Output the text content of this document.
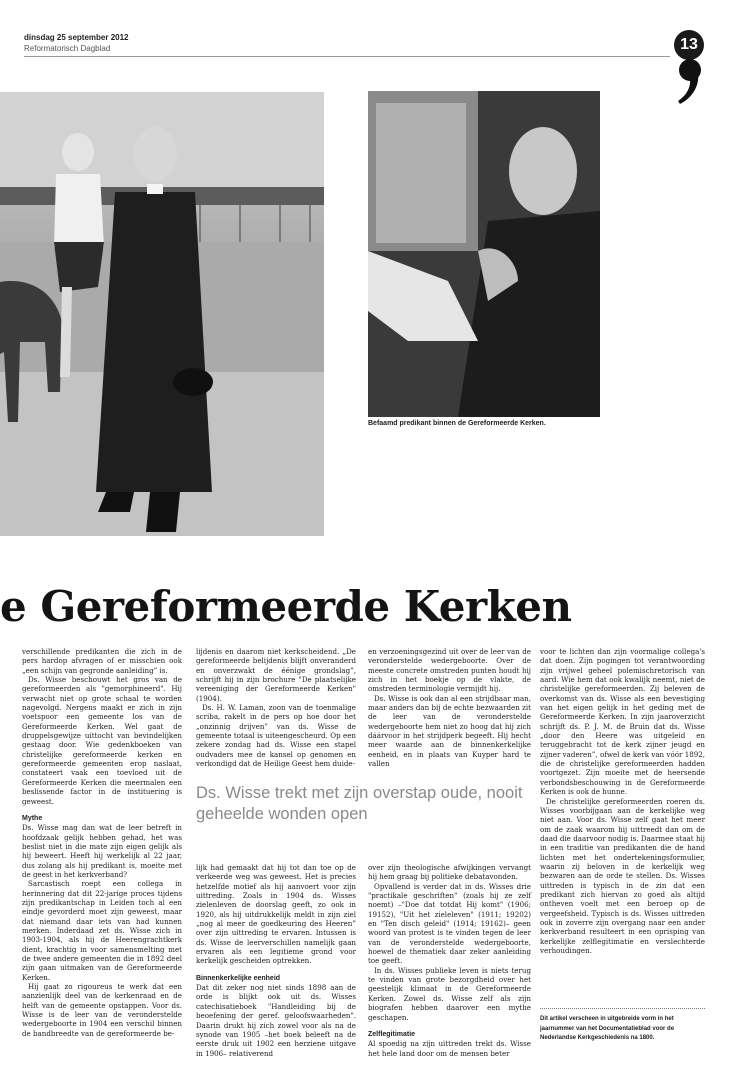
dinsdag 25 september 2012
Reformatorisch Dagblad	13
Befaamd predikant binnen de Gereformeerde Kerken.
e Gereformeerde Kerken

verschillende predikanten die zich in de pers hardop afvragen of er misschien ook „een schijn van gegronde aanleiding” is.

Ds. Wisse beschouwt het gros van de gereformeerden als "gemorphineerd". Hij verwacht niet op grote schaal te worden nagevolgd. Nergens maakt er zich in zijn voetspoor een gemeente los van de Gereformeerde Kerken. Wel gaat de druppelsgewijze uittocht van bevindelijken gestaag door. Wie gedenkboeken van christelijke gereformeerde kerken en gereformeerde gemeenten erop naslaat, constateert vaak een toevloed uit de Gereformeerde Kerken die meermalen een beslissende factor in de instituering is geweest.

Mythe

Ds. Wisse mag dan wat de leer betreft in hoofdzaak gelijk hebben gehad, het was beslist niet in die mate zijn eigen gelijk als hij beweert. Heeft hij werkelijk al 22 jaar, dus zolang als hij predikant is, moeite met de geest in het kerkverband?

Sarcastisch roept een collega in herinnering dat dit 22-jarige proces tijdens zijn predikantschap in Leiden toch al een eindje gevorderd moet zijn geweest, maar dat niemand daar iets van had kunnen merken. Inderdaad zet ds. Wisse zich in 1903-1904, als hij de Heerengrachtkerk dient, krachtig in voor samensmelting met de twee andere gemeenten die in 1892 deel zijn gaan uitmaken van de Gereformeerde Kerken.

Hij gaat zo rigoureus te werk dat een aanzienlijk deel van de kerkenraad en de helft van de gemeente opstappen. Voor ds. Wisse is de leer van de veronderstelde wedergeboorte in 1904 een verschil binnen de bandbreedte van de gereformeerde be-

lijdenis en daarom niet kerkscheidend. „De gereformeerde belijdenis blijft onveranderd en onverzwakt de éénige grondslag”, schrijft hij in zijn brochure "De plaatselijke vereeniging der Gereformeerde Kerken" (1904).

Ds. H. W. Laman, zoon van de toenmalige scriba, rakelt in de pers op hoe door het „onzinnig drijven” van ds. Wisse de gemeente totaal is uiteengescheurd. Op een zekere zondag had ds. Wisse een stapel oudvaders mee de kansel op genomen en verkondigd dat de Heilige Geest hem duide-

Ds. Wisse trekt met zijn overstap oude, nooit geheelde wonden open

lijk had gemaakt dat hij tot dan toe op de verkeerde weg was geweest. Het is precies hetzelfde motief als hij aanvoert voor zijn uittreding. Zoals in 1904 ds. Wisses zielenleven de doorslag geeft, zo ook in 1920, als hij uitdrukkelijk meldt in zijn ziel „nog al meer de goedkeuring des Heeren” over zijn uittreding te ervaren. Intussen is ds. Wisse de leerverschillen namelijk gaan ervaren als een legitieme grond voor kerkelijk gescheiden optrekken.

Binnenkerkelijke eenheid

Dat dit zeker nog niet sinds 1898 aan de orde is blijkt ook uit ds. Wisses catechisatieboek "Handleiding bij de beoefening der geref. geloofswaarheden". Daarin drukt hij zich zowel voor als na de synode van 1905 –het boek beleeft na de eerste druk uit 1902 een herziene uitgave in 1906– relativerend

en verzoeningsgezind uit over de leer van de veronderstelde wedergeboorte. Over de meeste concrete omstreden punten houdt hij zich in het boekje op de vlakte, de omstreden terminologie vermijdt hij.

Ds. Wisse is ook dan al een strijdbaar man, maar anders dan bij de echte bezwaarden zit de leer van de veronderstelde wedergeboorte hem niet zo hoog dat hij zich dáárvoor in het strijdperk begeeft. Hij hecht meer waarde aan de binnenkerkelijke eenheid, en in plaats van Kuyper hard te vallen

over zijn theologische afwijkingen vervangt hij hem graag bij politieke debatavonden.

Opvallend is verder dat in ds. Wisses drie "practikale geschriften" (zoals hij ze zelf noemt) –"Doe dat totdat Hij komt" (1906; 19152), "Uit het zieleleven" (1911; 19202) en "Ten disch geleid" (1914; 19162)– geen woord van protest is te vinden tegen de leer van de veronderstelde wedergeboorte, hoewel de thematiek daar zeker aanleiding toe geeft.

In ds. Wisses publieke leven is niets terug te vinden van grote bezorgdheid over het geestelijk klimaat in de Gereformeerde Kerken. Zowel ds. Wisse zelf als zijn biografen hebben daarover een mythe geschapen.

Zelflegitimatie

Al spoedig na zijn uittreden trekt ds. Wisse het hele land door om de mensen beter

voor te lichten dan zijn voormalige collega's dat doen. Zijn pogingen tot verantwoording zijn vrijwel geheel polemischretorisch van aard. Wie hem dat ook kwalijk neemt, niet de christelijke gereformeerden. Zij beleven de overkomst van ds. Wisse als een bevestiging van het eigen gelijk in het geding met de Gereformeerde Kerken. In zijn jaaroverzicht schrijft ds. P. J. M. de Bruin dat ds. Wisse „door den Heere was uitgeleid en teruggebracht tot de kerk zijner jeugd en zijner vaderen”, ofwel de kerk van vóór 1892, die de christelijke gereformeerden hadden voortgezet. Zijn moeite met de heersende verbondsbeschouwing in de Gereformeerde Kerken is ook de hunne.

De christelijke gereformeerden roeren ds. Wisses voorbijgaan aan de kerkelijke weg niet aan. Voor ds. Wisse zelf gaat het meer om de zaak waarom hij uittreedt dan om de daad die daarvoor nodig is. Daarmee staat hij in een traditie van predikanten die de hand lichten met het ondertekeningsformulier, waarin zij beloven in de kerkelijk weg bezwaren aan de orde te stellen. Ds. Wisses uittreden is typisch in de zin dat een predikant zich hiervan zo goed als altijd ontheven voelt met een beroep op de vergeefsheid. Typisch is ds. Wisses uittreden ook in zoverre zijn overgang naar een ander kerkverband resulteert in een oprisping van kerkelijke zelflegitimatie en verslechterde verhoudingen.

Dit artikel verscheen in uitgebreide vorm in het jaarnummer van het Documentatieblad voor de Nederlandse Kerkgeschiedenis na 1800.
